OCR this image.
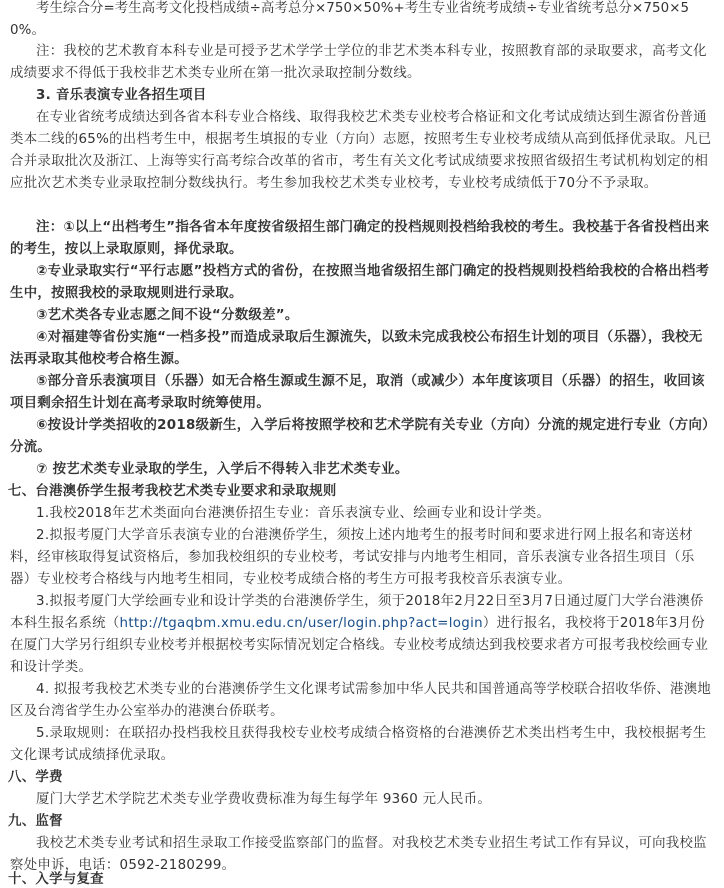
考生综合分=考生高考文化投档成绩÷高考总分×750×50%+考生专业省统考成绩÷专业省统考总分×750×50%。

注：我校的艺术教育本科专业是可授予艺术学学士学位的非艺术类本科专业，按照教育部的录取要求，高考文化成绩要求不得低于我校非艺术类专业所在第一批次录取控制分数线。

3. 音乐表演专业各招生项目

在专业省统考成绩达到各省本科专业合格线、取得我校艺术类专业校考合格证和文化考试成绩达到生源省份普通类本二线的65%的出档考生中，根据考生填报的专业（方向）志愿，按照考生专业校考成绩从高到低择优录取。凡已合并录取批次及浙江、上海等实行高考综合改革的省市，考生有关文化考试成绩要求按照省级招生考试机构划定的相应批次艺术类专业录取控制分数线执行。考生参加我校艺术类专业校考，专业校考成绩低于70分不予录取。

注：①以上“出档考生”指各省本年度按省级招生部门确定的投档规则投档给我校的考生。我校基于各省投档出来的考生，按以上录取原则，择优录取。

②专业录取实行“平行志愿”投档方式的省份，在按照当地省级招生部门确定的投档规则投档给我校的合格出档考生中，按照我校的录取规则进行录取。

③艺术类各专业志愿之间不设“分数级差”。

④对福建等省份实施“一档多投”而造成录取后生源流失，以致未完成我校公布招生计划的项目（乐器），我校无法再录取其他校考合格生源。

⑤部分音乐表演项目（乐器）如无合格生源或生源不足，取消（或减少）本年度该项目（乐器）的招生，收回该项目剩余招生计划在高考录取时统筹使用。

⑥按设计学类招收的2018级新生，入学后将按照学校和艺术学院有关专业（方向）分流的规定进行专业（方向）分流。

⑦ 按艺术类专业录取的学生，入学后不得转入非艺术类专业。

七、台港澳侨学生报考我校艺术类专业要求和录取规则

1.我校2018年艺术类面向台港澳侨招生专业：音乐表演专业、绘画专业和设计学类。

2.拟报考厦门大学音乐表演专业的台港澳侨学生，须按上述内地考生的报考时间和要求进行网上报名和寄送材料，经审核取得复试资格后，参加我校组织的专业校考，考试安排与内地考生相同，音乐表演专业各招生项目（乐器）专业校考合格线与内地考生相同，专业校考成绩合格的考生方可报考我校音乐表演专业。

3.拟报考厦门大学绘画专业和设计学类的台港澳侨学生，须于2018年2月22日至3月7日通过厦门大学台港澳侨本科生报名系统（http://tgaqbm.xmu.edu.cn/user/login.php?act=login）进行报名，我校将于2018年3月份在厦门大学另行组织专业校考并根据校考实际情况划定合格线。专业校考成绩达到我校要求者方可报考我校绘画专业和设计学类。

4. 拟报考我校艺术类专业的台港澳侨学生文化课考试需参加中华人民共和国普通高等学校联合招收华侨、港澳地区及台湾省学生办公室举办的港澳台侨联考。

5.录取规则：在联招办投档我校且获得我校专业校考成绩合格资格的台港澳侨艺术类出档考生中，我校根据考生文化课考试成绩择优录取。

八、学费

厦门大学艺术学院艺术类专业学费收费标准为每生每学年 9360 元人民币。

九、监督

我校艺术类专业考试和招生录取工作接受监察部门的监督。对我校艺术类专业招生考试工作有异议，可向我校监察处申诉，电话：0592-2180299。

十、入学与复查
